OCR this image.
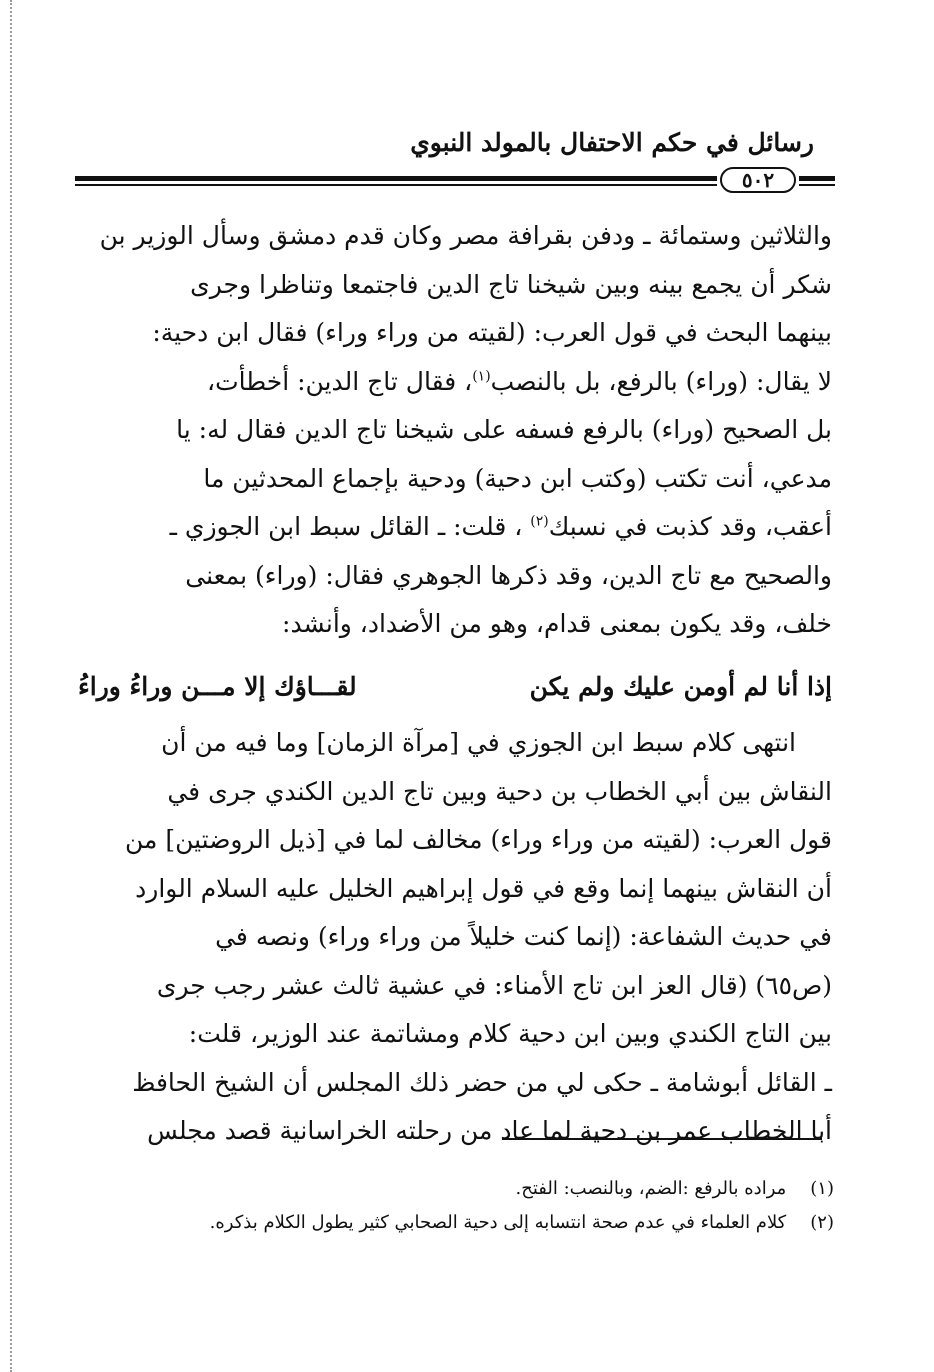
رسائل في حكم الاحتفال بالمولد النبوي
٥٠٢

والثلاثين وستمائة ـ ودفن بقرافة مصر وكان قدم دمشق وسأل الوزير بن

شكر أن يجمع بينه وبين شيخنا تاج الدين فاجتمعا وتناظرا وجرى

بينهما البحث في قول العرب: (لقيته من وراء وراء) فقال ابن دحية:

لا يقال: (وراء) بالرفع، بل بالنصب$^{(١)}$، فقال تاج الدين: أخطأت،

بل الصحيح (وراء) بالرفع فسفه على شيخنا تاج الدين فقال له: يا

مدعي، أنت تكتب (وكتب ابن دحية) ودحية بإجماع المحدثين ما

أعقب، وقد كذبت في نسبك$^{(٢)}$ ، قلت: ـ القائل سبط ابن الجوزي ـ

والصحيح مع تاج الدين، وقد ذكرها الجوهري فقال: (وراء) بمعنى

خلف، وقد يكون بمعنى قدام، وهو من الأضداد، وأنشد:

إذا أنا لم أومن عليك ولم يكن
لقـــاؤك إلا مـــن وراءُ وراءُ

انتهى كلام سبط ابن الجوزي في [مرآة الزمان] وما فيه من أن

النقاش بين أبي الخطاب بن دحية وبين تاج الدين الكندي جرى في

قول العرب: (لقيته من وراء وراء) مخالف لما في [ذيل الروضتين] من

أن النقاش بينهما إنما وقع في قول إبراهيم الخليل عليه السلام الوارد

في حديث الشفاعة: (إنما كنت خليلاً من وراء وراء) ونصه في

(ص٦٥) (قال العز ابن تاج الأمناء: في عشية ثالث عشر رجب جرى

بين التاج الكندي وبين ابن دحية كلام ومشاتمة عند الوزير، قلت:

ـ القائل أبوشامة ـ حكى لي من حضر ذلك المجلس أن الشيخ الحافظ

أبا الخطاب عمر بن دحية لما عاد من رحلته الخراسانية قصد مجلس

(١) مراده بالرفع :الضم، وبالنصب: الفتح.
(٢) كلام العلماء في عدم صحة انتسابه إلى دحية الصحابي كثير يطول الكلام بذكره.
